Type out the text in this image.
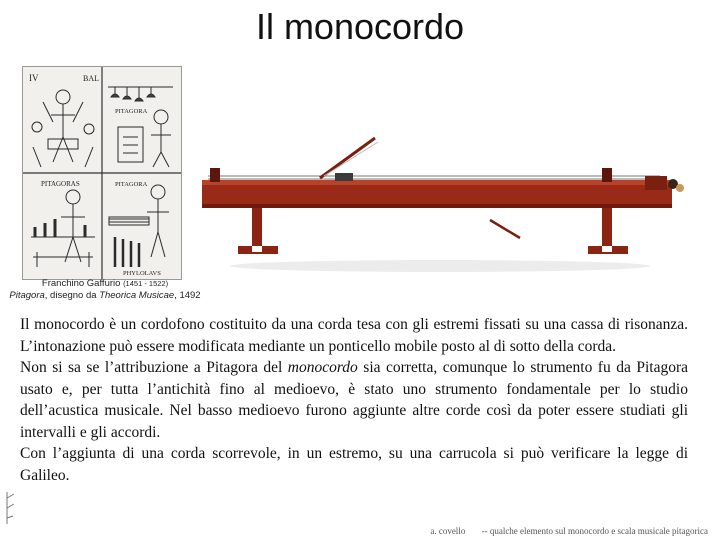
Il monocordo
IV	BAL
PITAGORA
PITAGORAS	PITAGORA
PHYLOLAVS
Franchino Gaffurio (1451 - 1522)
Pitagora, disegno da Theorica Musicae, 1492

Il monocordo è un cordofono costituito da una corda tesa con gli estremi fissati su una cassa di risonanza. L’intonazione può essere modificata mediante un ponticello mobile posto al di sotto della corda.

Non si sa se l’attribuzione a Pitagora del monocordo sia corretta, comunque lo strumento fu da Pitagora usato e, per tutta l’antichità fino al medioevo, è stato uno strumento fondamentale per lo studio dell’acustica musicale. Nel basso medioevo furono aggiunte altre corde così da poter essere studiati gli intervalli e gli accordi.

Con l’aggiunta di una corda scorrevole, in un estremo, su una carrucola si può verificare la legge di Galileo.

a. covello -- qualche elemento sul monocordo e scala musicale pitagorica
